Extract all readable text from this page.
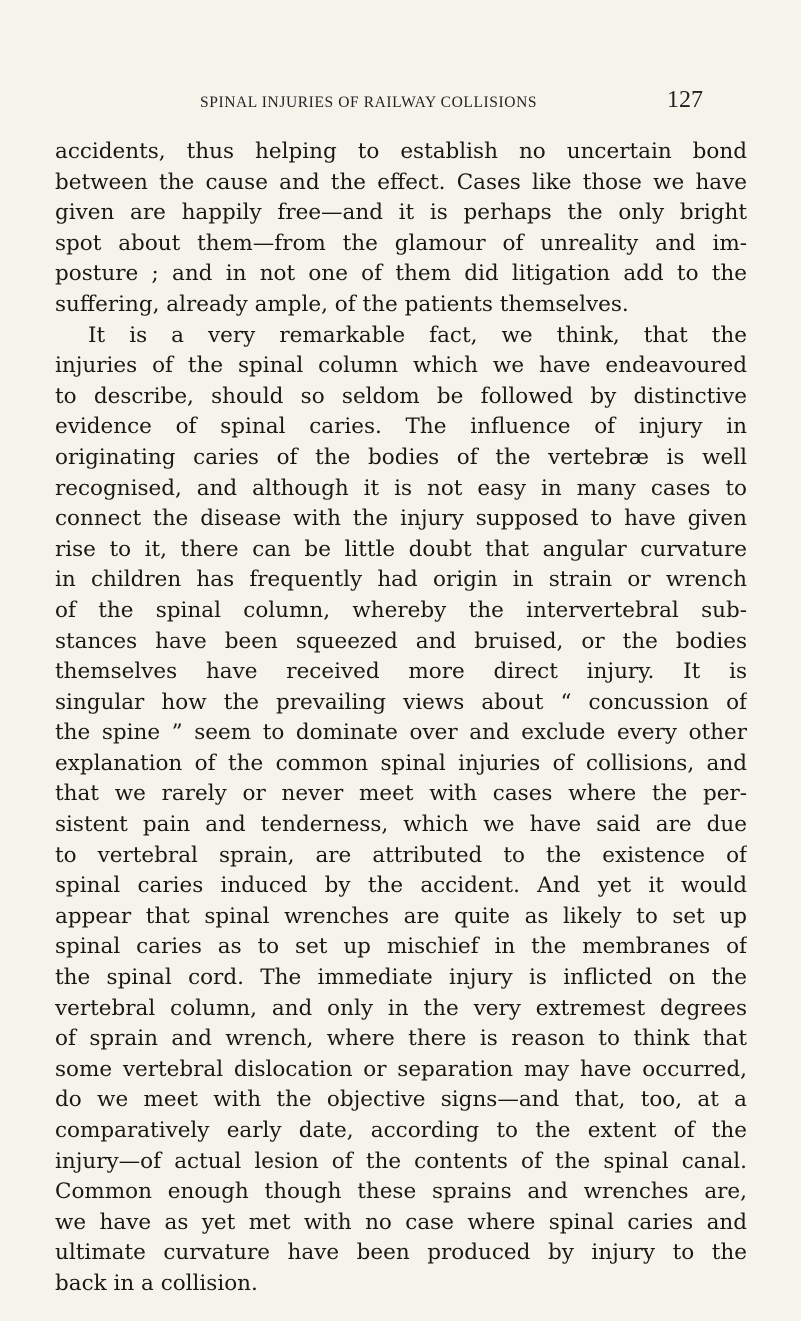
SPINAL INJURIES OF RAILWAY COLLISIONS	127
accidents, thus helping to establish no uncertain bond
between the cause and the effect. Cases like those we have
given are happily free—and it is perhaps the only bright
spot about them—from the glamour of unreality and im-
posture ; and in not one of them did litigation add to the
suffering, already ample, of the patients themselves.
It is a very remarkable fact, we think, that the
injuries of the spinal column which we have endeavoured
to describe, should so seldom be followed by distinctive
evidence of spinal caries. The influence of injury in
originating caries of the bodies of the vertebræ is well
recognised, and although it is not easy in many cases to
connect the disease with the injury supposed to have given
rise to it, there can be little doubt that angular curvature
in children has frequently had origin in strain or wrench
of the spinal column, whereby the intervertebral sub-
stances have been squeezed and bruised, or the bodies
themselves have received more direct injury. It is
singular how the prevailing views about “ concussion of
the spine ” seem to dominate over and exclude every other
explanation of the common spinal injuries of collisions, and
that we rarely or never meet with cases where the per-
sistent pain and tenderness, which we have said are due
to vertebral sprain, are attributed to the existence of
spinal caries induced by the accident. And yet it would
appear that spinal wrenches are quite as likely to set up
spinal caries as to set up mischief in the membranes of
the spinal cord. The immediate injury is inflicted on the
vertebral column, and only in the very extremest degrees
of sprain and wrench, where there is reason to think that
some vertebral dislocation or separation may have occurred,
do we meet with the objective signs—and that, too, at a
comparatively early date, according to the extent of the
injury—of actual lesion of the contents of the spinal canal.
Common enough though these sprains and wrenches are,
we have as yet met with no case where spinal caries and
ultimate curvature have been produced by injury to the
back in a collision.
